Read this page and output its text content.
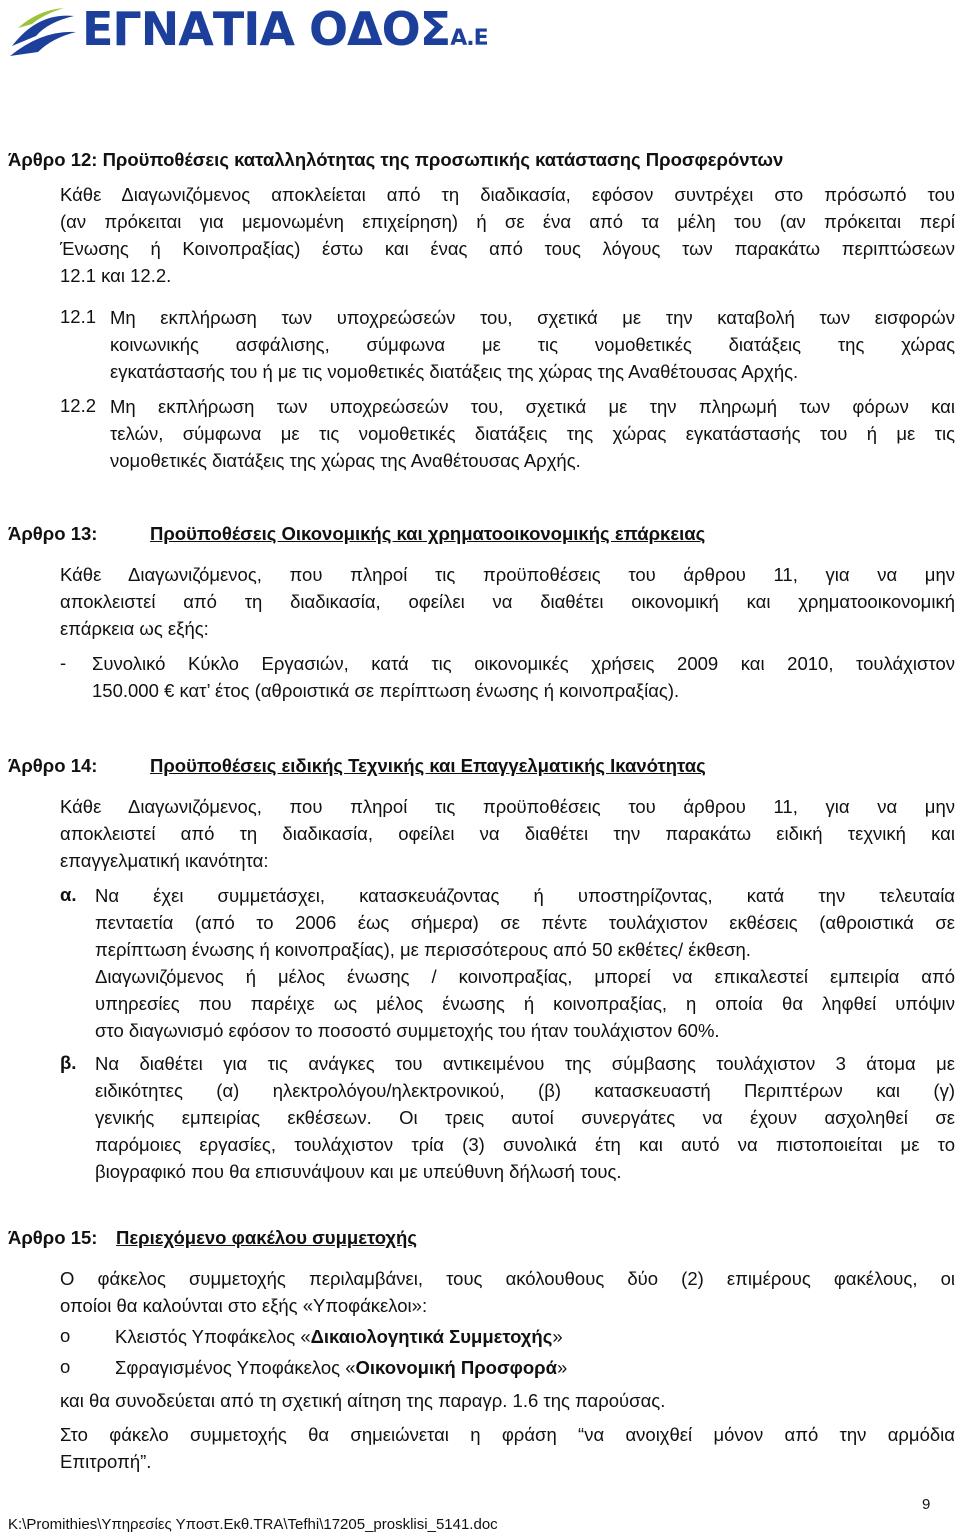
ΕΓΝΑΤΙΑ ΟΔΟΣΑ.Ε
Άρθρο 12: Προϋποθέσεις καταλληλότητας της προσωπικής κατάστασης Προσφερόντων
Κάθε Διαγωνιζόμενος αποκλείεται από τη διαδικασία, εφόσον συντρέχει στο πρόσωπό του
(αν πρόκειται για μεμονωμένη επιχείρηση) ή σε ένα από τα μέλη του (αν πρόκειται περί
Ένωσης ή Κοινοπραξίας) έστω και ένας από τους λόγους των παρακάτω περιπτώσεων
12.1 και 12.2.
12.1 Μη εκπλήρωση των υποχρεώσεών του, σχετικά με την καταβολή των εισφορών
κοινωνικής ασφάλισης, σύμφωνα με τις νομοθετικές διατάξεις της χώρας
εγκατάστασής του ή με τις νομοθετικές διατάξεις της χώρας της Αναθέτουσας Αρχής.
12.2 Μη εκπλήρωση των υποχρεώσεών του, σχετικά με την πληρωμή των φόρων και
τελών, σύμφωνα με τις νομοθετικές διατάξεις της χώρας εγκατάστασής του ή με τις
νομοθετικές διατάξεις της χώρας της Αναθέτουσας Αρχής.
Άρθρο 13:	Προϋποθέσεις Οικονομικής και χρηματοοικονομικής επάρκειας
Κάθε Διαγωνιζόμενος, που πληροί τις προϋποθέσεις του άρθρου 11, για να μην
αποκλειστεί από τη διαδικασία, οφείλει να διαθέτει οικονομική και χρηματοοικονομική
επάρκεια ως εξής:
- Συνολικό Κύκλο Εργασιών, κατά τις οικονομικές χρήσεις 2009 και 2010, τουλάχιστον
150.000 € κατ’ έτος (αθροιστικά σε περίπτωση ένωσης ή κοινοπραξίας).
Άρθρο 14:	Προϋποθέσεις ειδικής Τεχνικής και Επαγγελματικής Ικανότητας
Κάθε Διαγωνιζόμενος, που πληροί τις προϋποθέσεις του άρθρου 11, για να μην
αποκλειστεί από τη διαδικασία, οφείλει να διαθέτει την παρακάτω ειδική τεχνική και
επαγγελματική ικανότητα:
α. Να έχει συμμετάσχει, κατασκευάζοντας ή υποστηρίζοντας, κατά την τελευταία
πενταετία (από το 2006 έως σήμερα) σε πέντε τουλάχιστον εκθέσεις (αθροιστικά σε
περίπτωση ένωσης ή κοινοπραξίας), με περισσότερους από 50 εκθέτες/ έκθεση.
Διαγωνιζόμενος ή μέλος ένωσης / κοινοπραξίας, μπορεί να επικαλεστεί εμπειρία από
υπηρεσίες που παρέιχε ως μέλος ένωσης ή κοινοπραξίας, η οποία θα ληφθεί υπόψιν
στο διαγωνισμό εφόσον το ποσοστό συμμετοχής του ήταν τουλάχιστον 60%.
β. Να διαθέτει για τις ανάγκες του αντικειμένου της σύμβασης τουλάχιστον 3 άτομα με
ειδικότητες (α) ηλεκτρολόγου/ηλεκτρονικού, (β) κατασκευαστή Περιπτέρων και (γ)
γενικής εμπειρίας εκθέσεων. Οι τρεις αυτοί συνεργάτες να έχουν ασχοληθεί σε
παρόμοιες εργασίες, τουλάχιστον τρία (3) συνολικά έτη και αυτό να πιστοποιείται με το
βιογραφικό που θα επισυνάψουν και με υπεύθυνη δήλωσή τους.
Άρθρο 15: Περιεχόμενο φακέλου συμμετοχής
Ο φάκελος συμμετοχής περιλαμβάνει, τους ακόλουθους δύο (2) επιμέρους φακέλους, οι
οποίοι θα καλούνται στο εξής «Υποφάκελοι»:
o Κλειστός Υποφάκελος «Δικαιολογητικά Συμμετοχής»
o Σφραγισμένος Υποφάκελος «Οικονομική Προσφορά»
και θα συνοδεύεται από τη σχετική αίτηση της παραγρ. 1.6 της παρούσας.
Στο φάκελο συμμετοχής θα σημειώνεται η φράση “να ανοιχθεί μόνον από την αρμόδια
Επιτροπή”.
K:\Promithies\Υπηρεσίες Υποστ.Εκθ.TRA\Tefhi\17205_prosklisi_5141.doc
9
